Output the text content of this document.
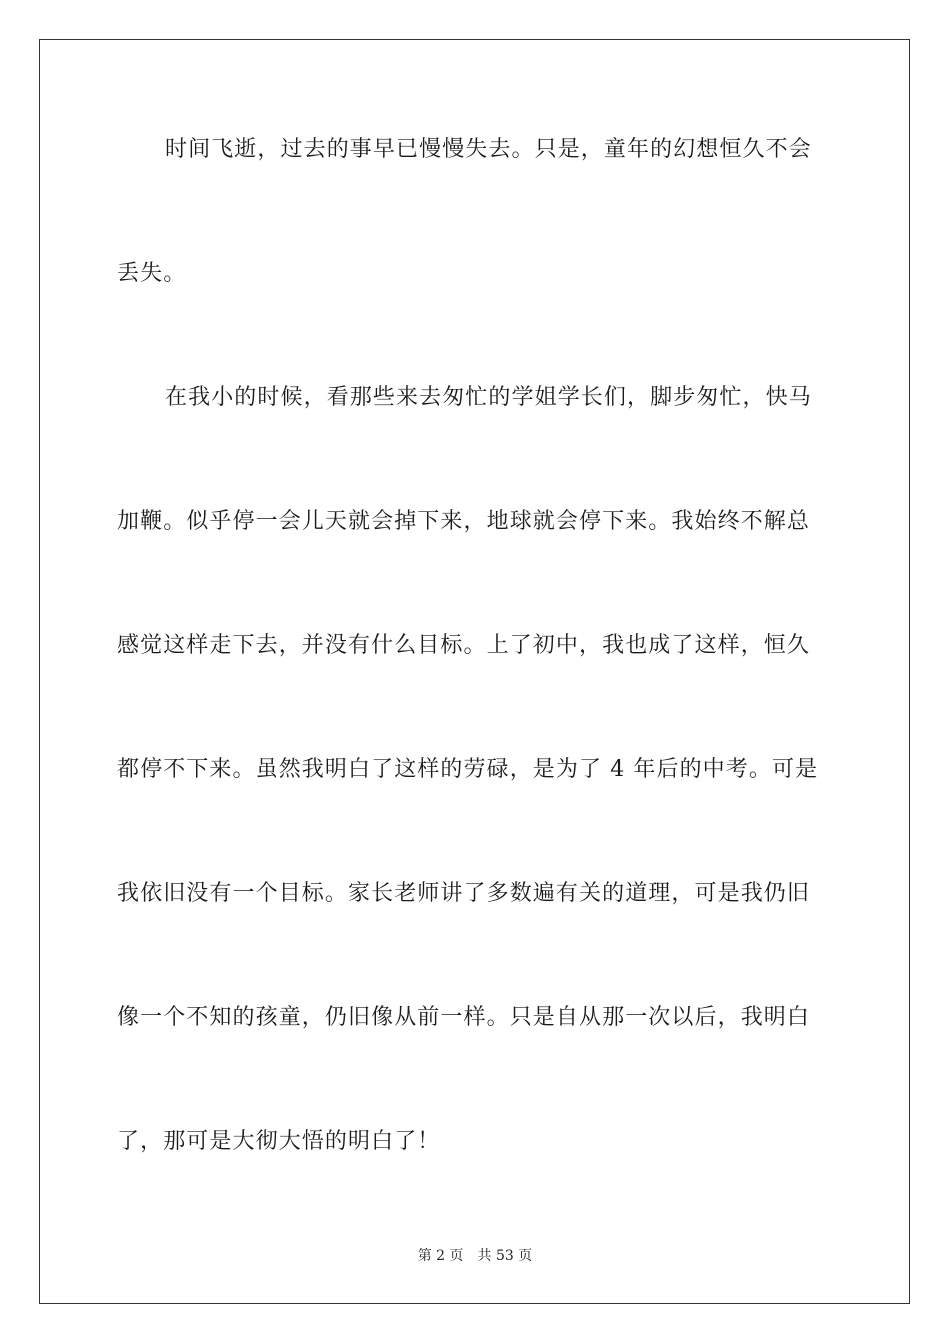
时间飞逝，过去的事早已慢慢失去。只是，童年的幻想恒久不会
丢失。
在我小的时候，看那些来去匆忙的学姐学长们，脚步匆忙，快马
加鞭。似乎停一会儿天就会掉下来，地球就会停下来。我始终不解总
感觉这样走下去，并没有什么目标。上了初中，我也成了这样，恒久
都停不下来。虽然我明白了这样的劳碌，是为了 4 年后的中考。可是
我依旧没有一个目标。家长老师讲了多数遍有关的道理，可是我仍旧
像一个不知的孩童，仍旧像从前一样。只是自从那一次以后，我明白
了，那可是大彻大悟的明白了！
第 2 页 共 53 页
